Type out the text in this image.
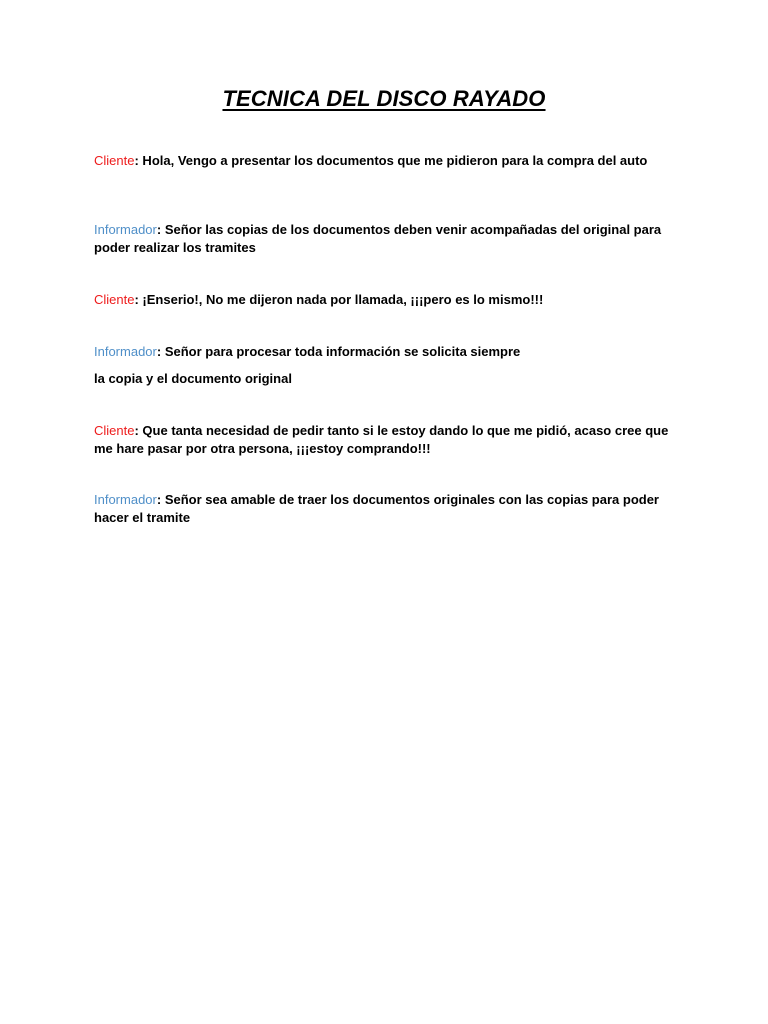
TECNICA DEL DISCO RAYADO
Cliente: Hola, Vengo a presentar los documentos que me pidieron para la compra del auto
Informador: Señor las copias de los documentos deben venir acompañadas del original para poder realizar los tramites
Cliente: ¡Enserio!, No me dijeron nada por llamada, ¡¡¡pero es lo mismo!!!
Informador: Señor para procesar toda información se solicita siempre
la copia y el documento original
Cliente: Que tanta necesidad de pedir tanto si le estoy dando lo que me pidió, acaso cree que me hare pasar por otra persona, ¡¡¡estoy comprando!!!
Informador: Señor sea amable de traer los documentos originales con las copias para poder hacer el tramite
